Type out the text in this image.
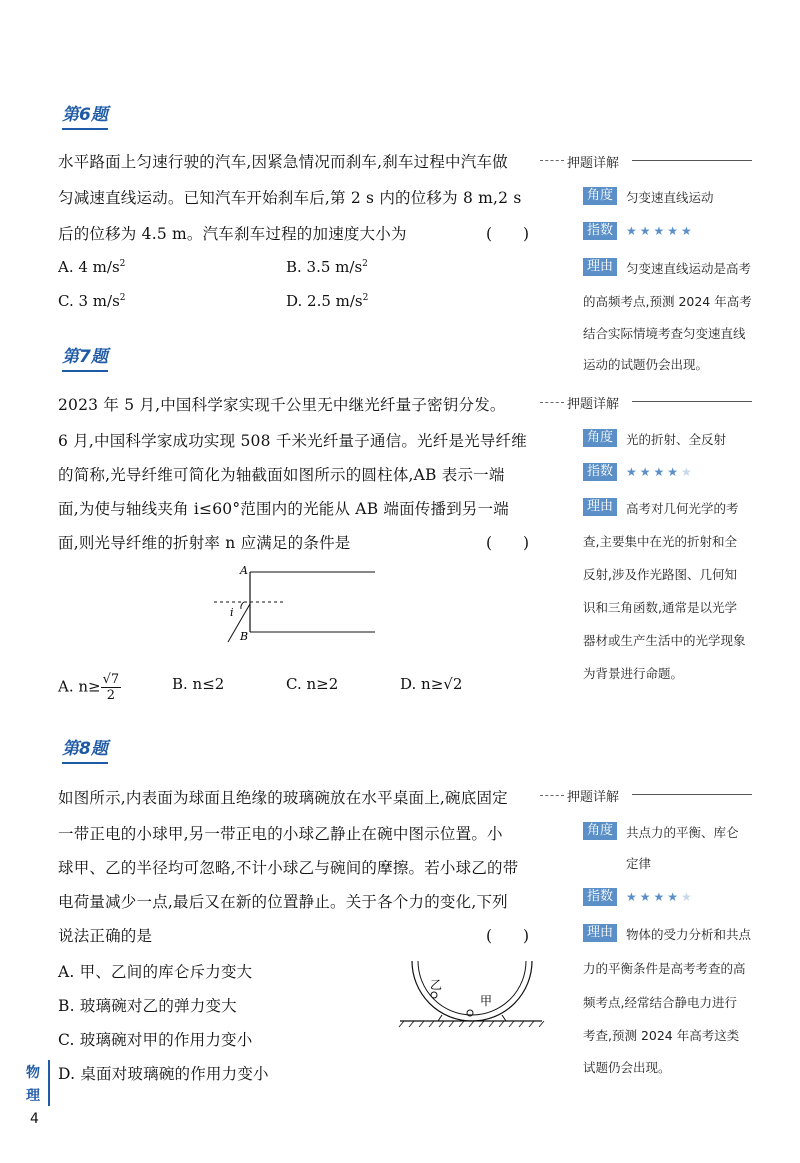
第6题
水平路面上匀速行驶的汽车,因紧急情况而刹车,刹车过程中汽车做
匀减速直线运动。已知汽车开始刹车后,第 2 s 内的位移为 8 m,2 s
后的位移为 4.5 m。汽车刹车过程的加速度大小为	(　　)
A. 4 $m/s^2$	B. 3.5 $m/s^2$
C. 3 $m/s^2$	D. 2.5 $m/s^2$
押题详解
角度	匀变速直线运动
指数	★★★★★
理由	匀变速直线运动是高考
的高频考点,预测 2024 年高考
结合实际情境考查匀变速直线
运动的试题仍会出现。
第7题
2023 年 5 月,中国科学家实现千公里无中继光纤量子密钥分发。
6 月,中国科学家成功实现 508 千米光纤量子通信。光纤是光导纤维
的简称,光导纤维可简化为轴截面如图所示的圆柱体,AB 表示一端
面,为使与轴线夹角 i≤60°范围内的光能从 AB 端面传播到另一端
面,则光导纤维的折射率 n 应满足的条件是	(　　)
A
B
i
A. $n\ge \frac{√7}{2}$	B. n≤2	C. n≥2	D. n≥√2
押题详解
角度	光的折射、全反射
指数	★★★★★
理由	高考对几何光学的考
查,主要集中在光的折射和全
反射,涉及作光路图、几何知
识和三角函数,通常是以光学
器材或生产生活中的光学现象
为背景进行命题。
第8题
如图所示,内表面为球面且绝缘的玻璃碗放在水平桌面上,碗底固定
一带正电的小球甲,另一带正电的小球乙静止在碗中图示位置。小
球甲、乙的半径均可忽略,不计小球乙与碗间的摩擦。若小球乙的带
电荷量减少一点,最后又在新的位置静止。关于各个力的变化,下列
说法正确的是	(　　)
A. 甲、乙间的库仑斥力变大
B. 玻璃碗对乙的弹力变大
C. 玻璃碗对甲的作用力变小
D. 桌面对玻璃碗的作用力变小
乙
甲
押题详解
角度	共点力的平衡、库仑
定律
指数	★★★★★
理由	物体的受力分析和共点
力的平衡条件是高考考查的高
频考点,经常结合静电力进行
考查,预测 2024 年高考这类
试题仍会出现。
物
理
4
